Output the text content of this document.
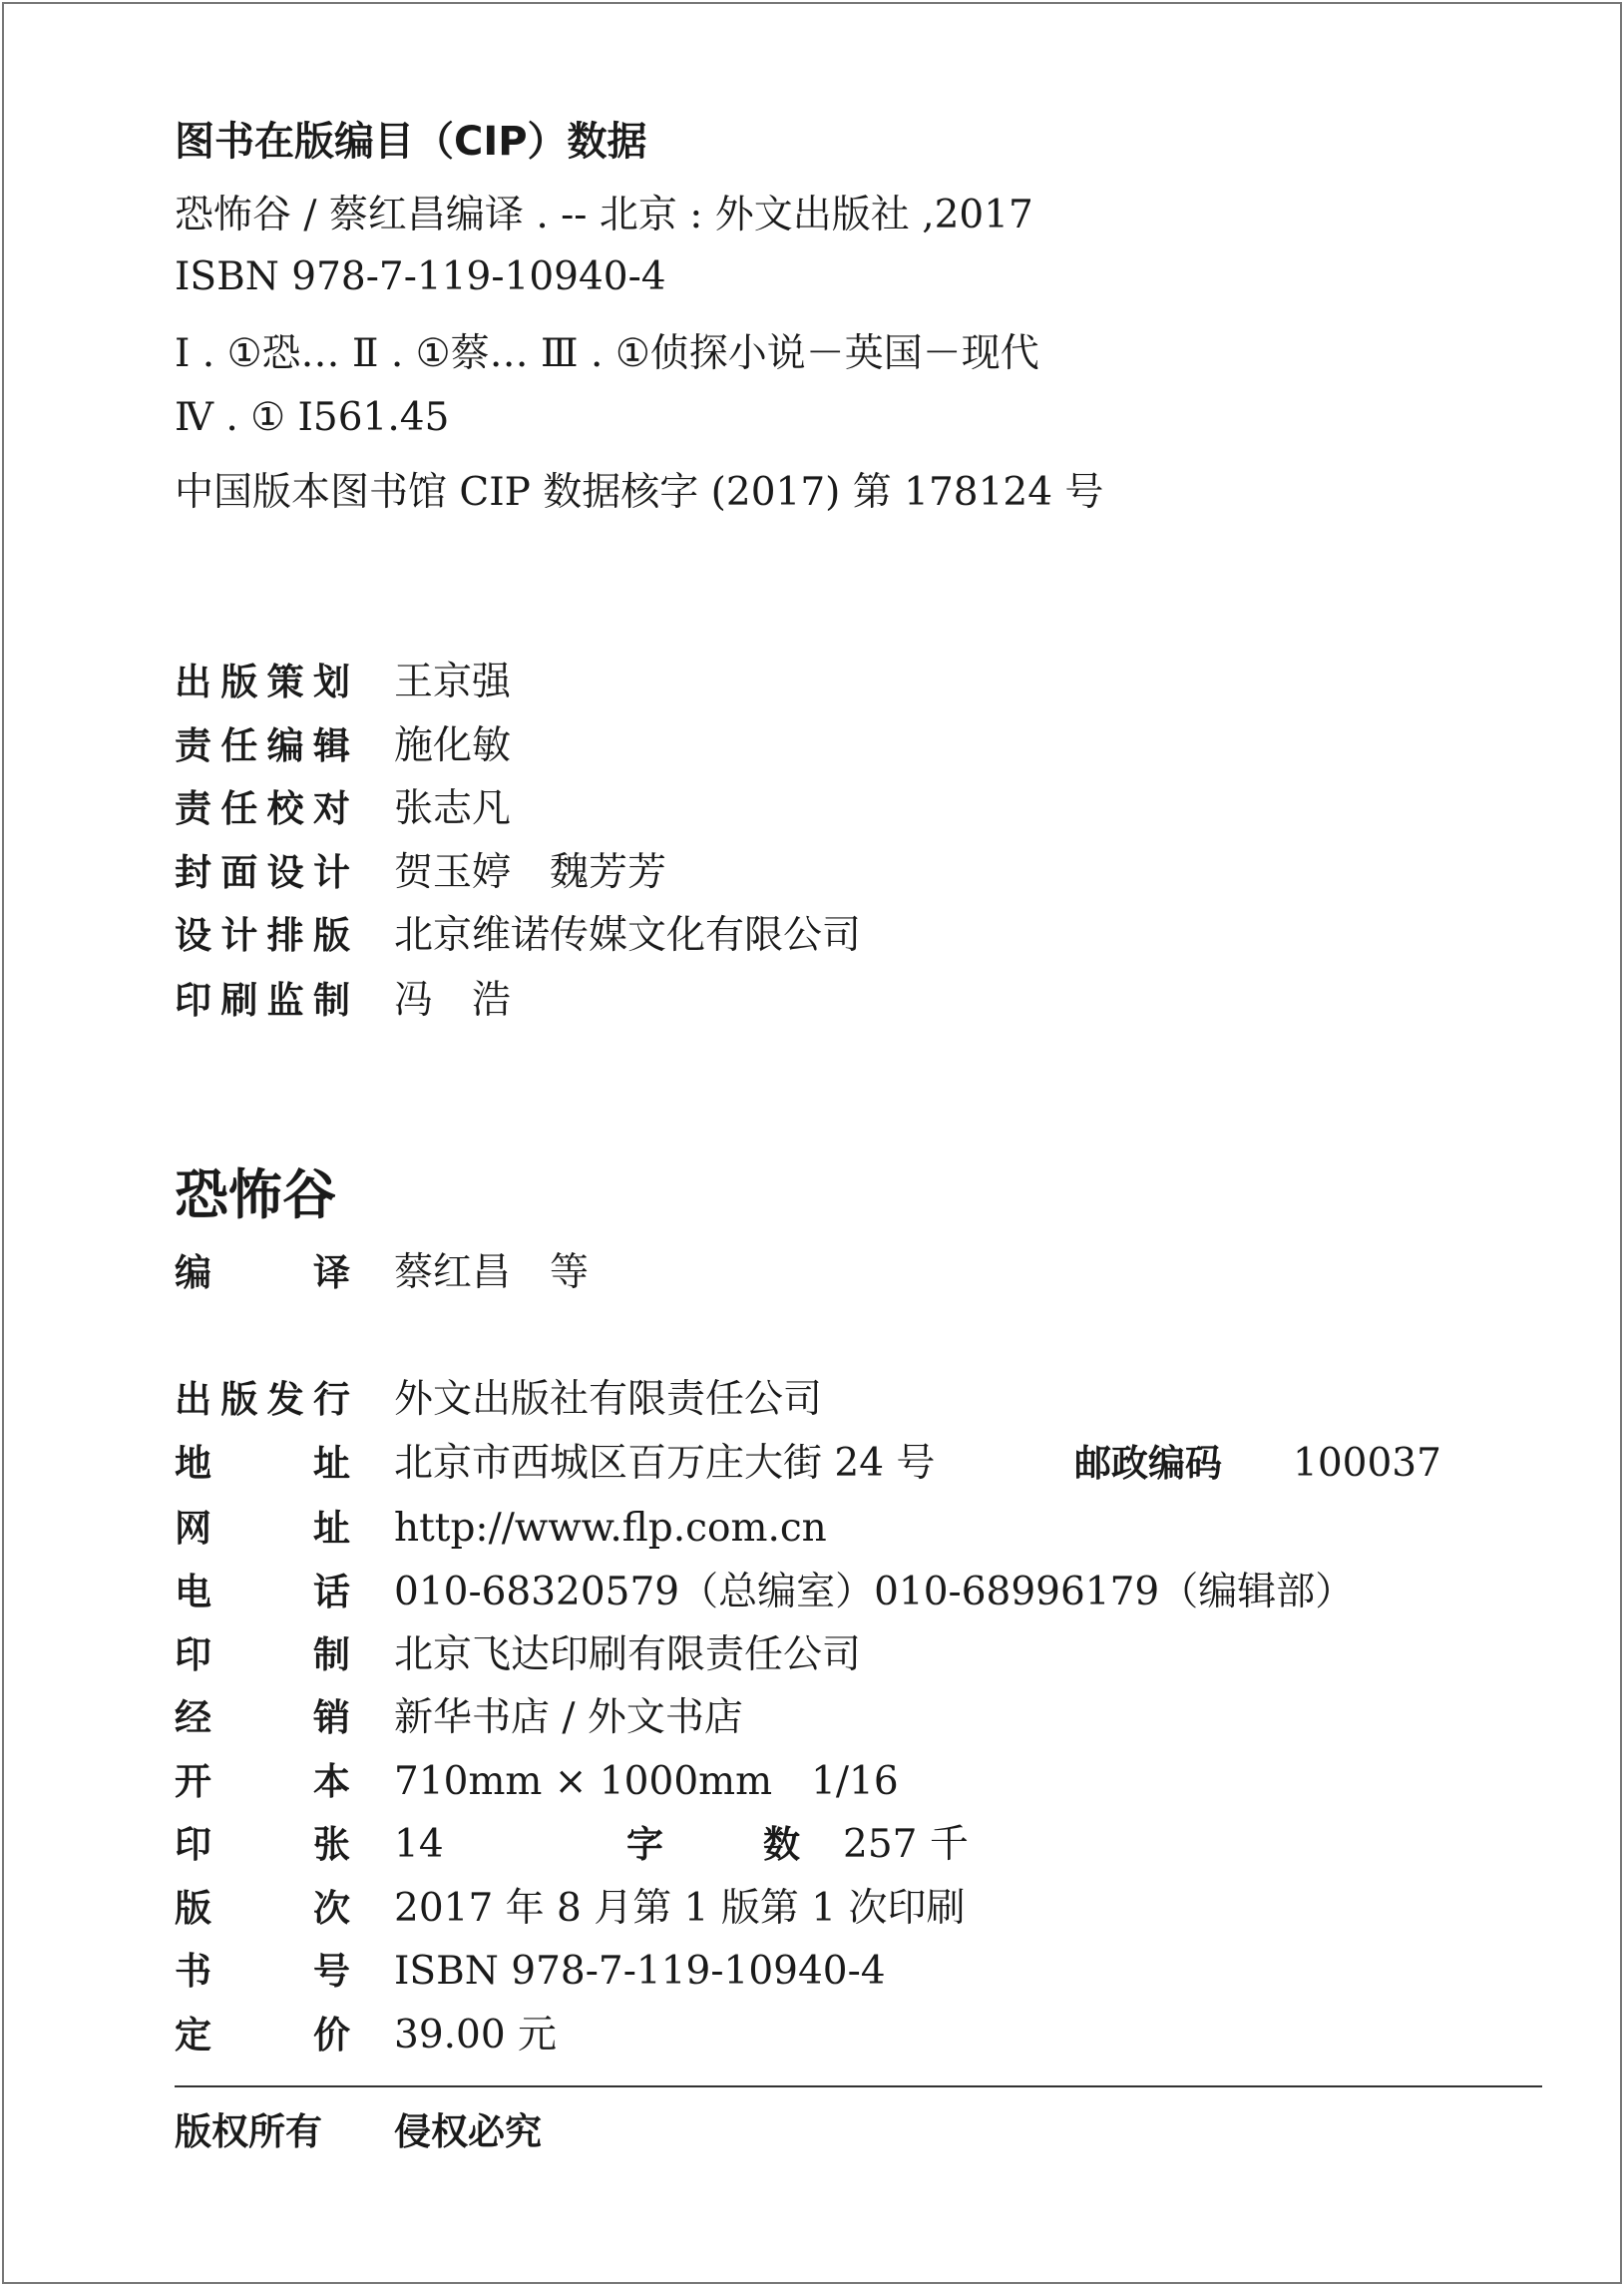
图书在版编目（CIP）数据
恐怖谷 / 蔡红昌编译 . -- 北京 : 外文出版社 ,2017
ISBN 978-7-119-10940-4
Ⅰ . ①恐… Ⅱ . ①蔡… Ⅲ . ①侦探小说－英国－现代
Ⅳ . ① I561.45
中国版本图书馆 CIP 数据核字 (2017) 第 178124 号
出版策划 王京强
责任编辑 施化敏
责任校对 张志凡
封面设计 贺玉婷　魏芳芳
设计排版 北京维诺传媒文化有限公司
印刷监制 冯　浩
恐怖谷
编译 蔡红昌　等
出版发行 外文出版社有限责任公司
地址 北京市西城区百万庄大街 24 号	邮政编码 100037
网址 http://www.flp.com.cn
电话 010-68320579（总编室）010-68996179（编辑部）
印制 北京飞达印刷有限责任公司
经销 新华书店 / 外文书店
开本 710mm × 1000mm　1/16
印张 14	字数 257 千
版次 2017 年 8 月第 1 版第 1 次印刷
书号 ISBN 978-7-119-10940-4
定价 39.00 元
版权所有 侵权必究
